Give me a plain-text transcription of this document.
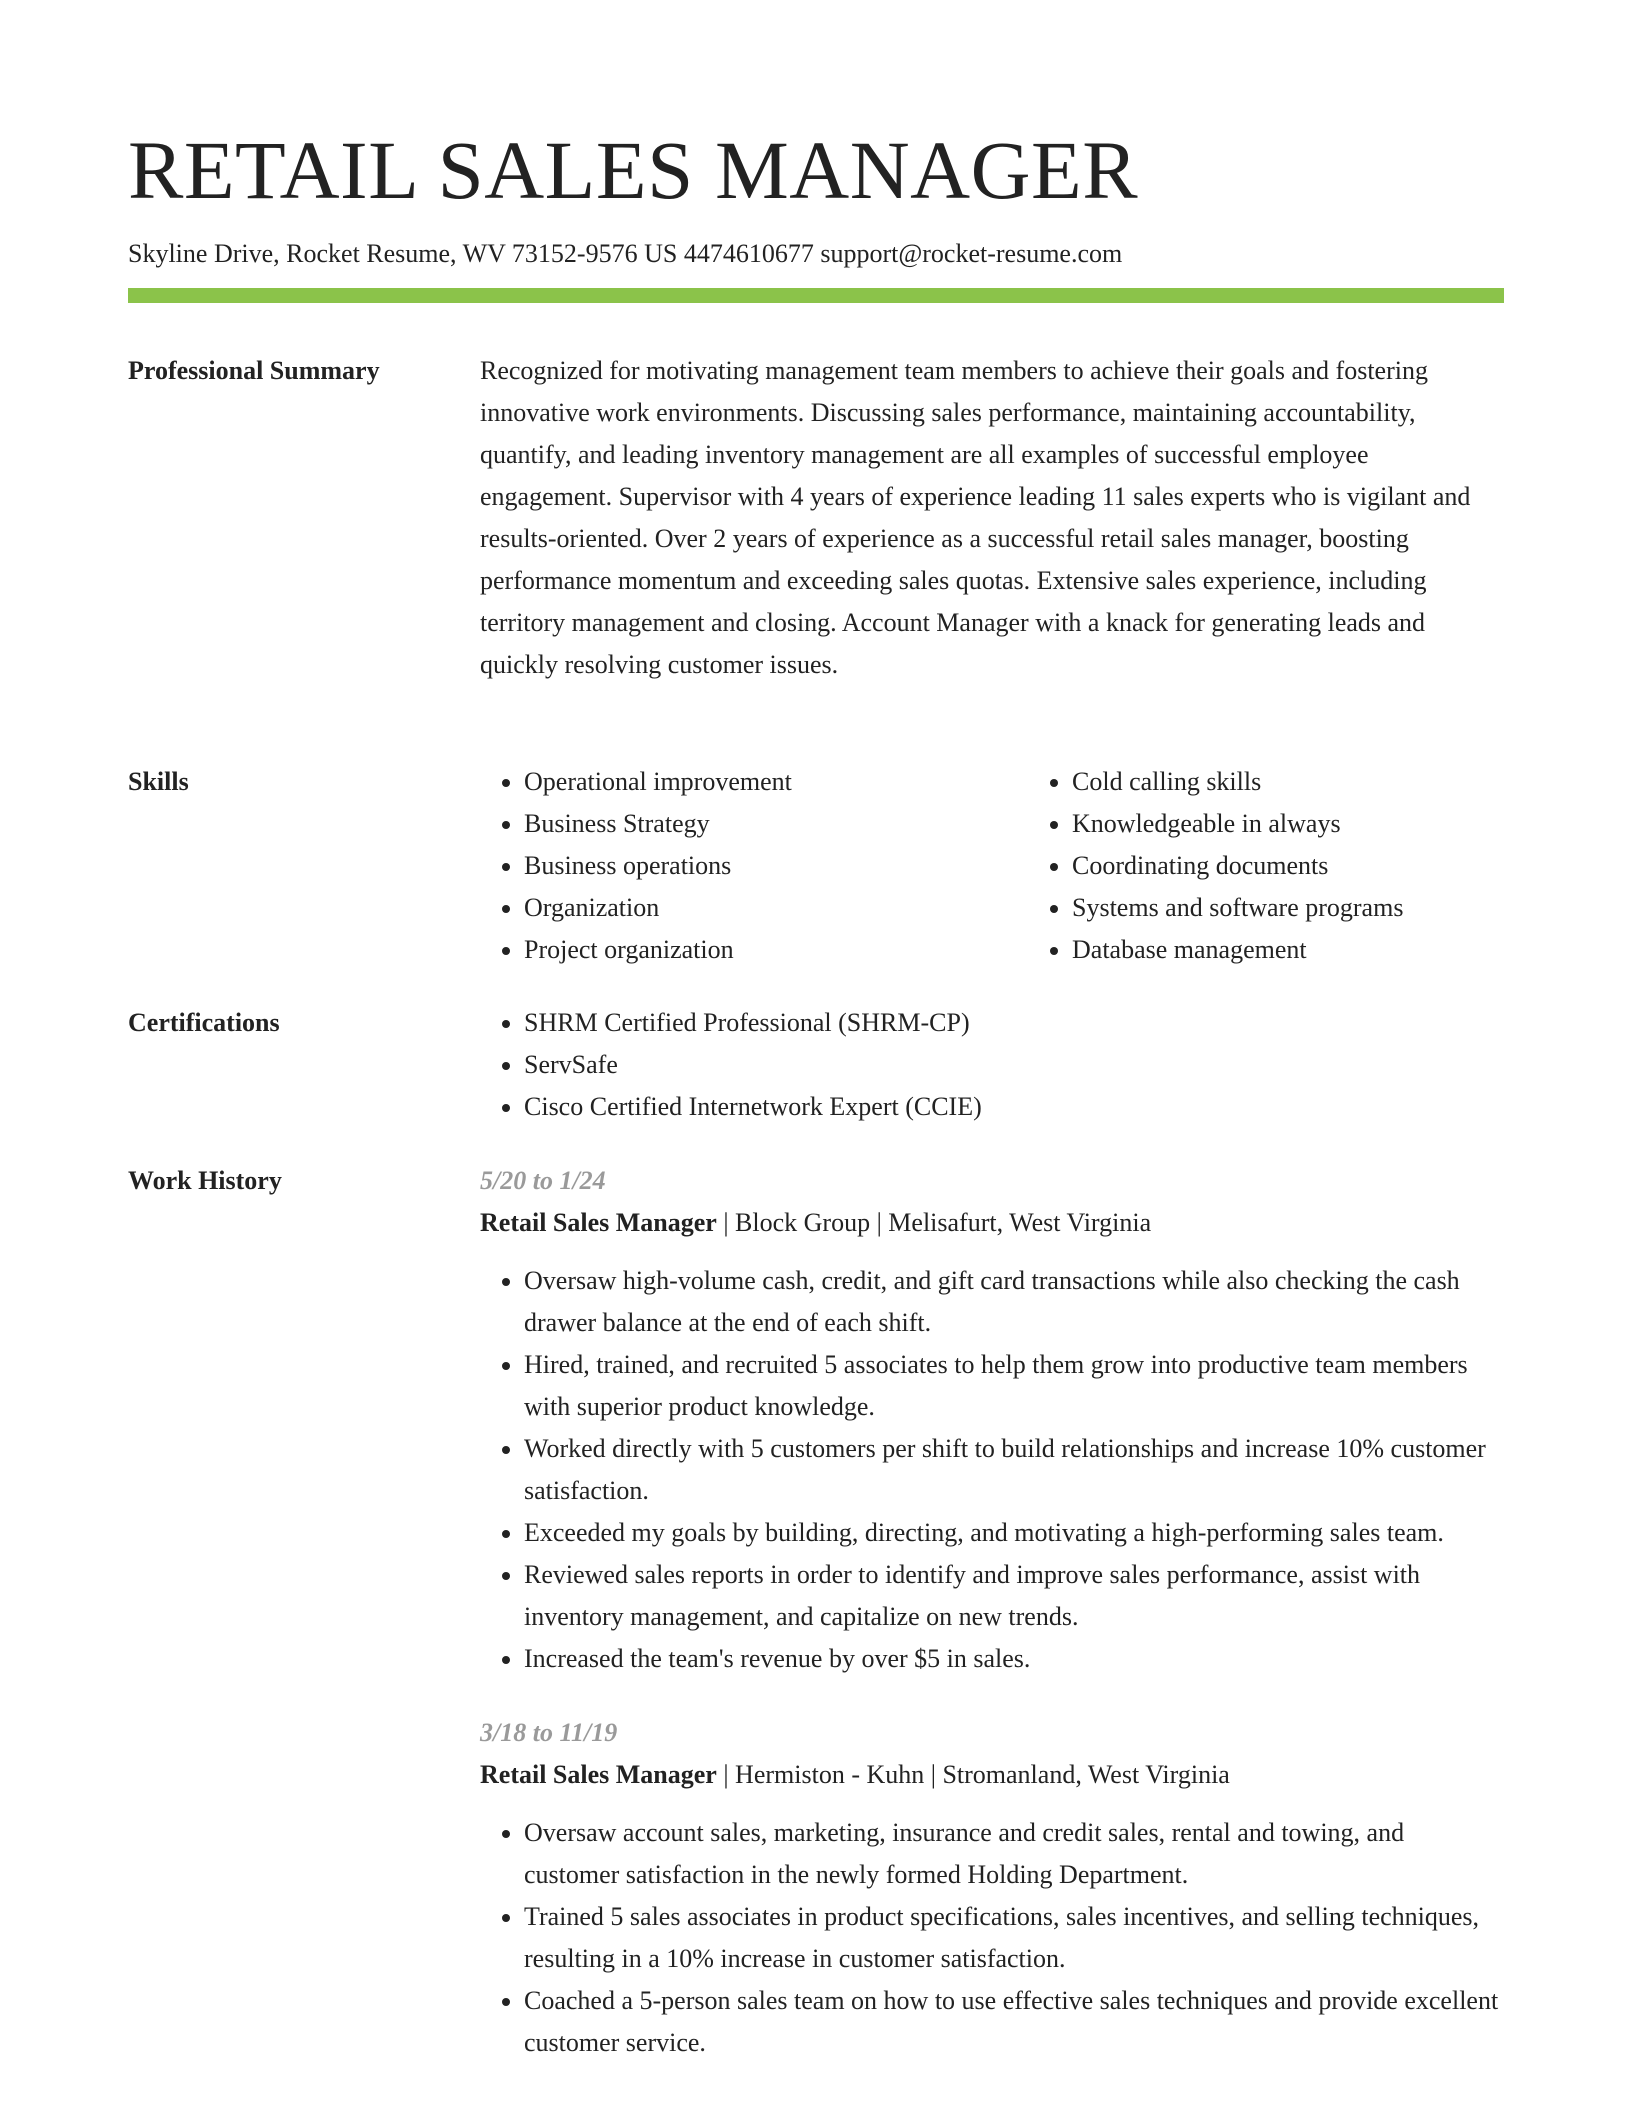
RETAIL SALES MANAGER
Skyline Drive, Rocket Resume, WV 73152-9576 US 4474610677 support@rocket-resume.com
Professional Summary	Recognized for motivating management team members to achieve their goals and fostering innovative work environments. Discussing sales performance, maintaining accountability, quantify, and leading inventory management are all examples of successful employee engagement. Supervisor with 4 years of experience leading 11 sales experts who is vigilant and results-oriented. Over 2 years of experience as a successful retail sales manager, boosting performance momentum and exceeding sales quotas. Extensive sales experience, including territory management and closing. Account Manager with a knack for generating leads and quickly resolving customer issues.
Skills	• Operational improvement
• Business Strategy
• Business operations
• Organization
• Project organization
• Cold calling skills
• Knowledgeable in always
• Coordinating documents
• Systems and software programs
• Database management
Certifications	• SHRM Certified Professional (SHRM-CP)
• ServSafe
• Cisco Certified Internetwork Expert (CCIE)
Work History	5/20 to 1/24
Retail Sales Manager | Block Group | Melisafurt, West Virginia
• Oversaw high-volume cash, credit, and gift card transactions while also checking the cash drawer balance at the end of each shift.
• Hired, trained, and recruited 5 associates to help them grow into productive team members with superior product knowledge.
• Worked directly with 5 customers per shift to build relationships and increase 10% customer satisfaction.
• Exceeded my goals by building, directing, and motivating a high-performing sales team.
• Reviewed sales reports in order to identify and improve sales performance, assist with inventory management, and capitalize on new trends.
• Increased the team's revenue by over $5 in sales.
3/18 to 11/19
Retail Sales Manager | Hermiston - Kuhn | Stromanland, West Virginia
• Oversaw account sales, marketing, insurance and credit sales, rental and towing, and customer satisfaction in the newly formed Holding Department.
• Trained 5 sales associates in product specifications, sales incentives, and selling techniques, resulting in a 10% increase in customer satisfaction.
• Coached a 5-person sales team on how to use effective sales techniques and provide excellent customer service.
